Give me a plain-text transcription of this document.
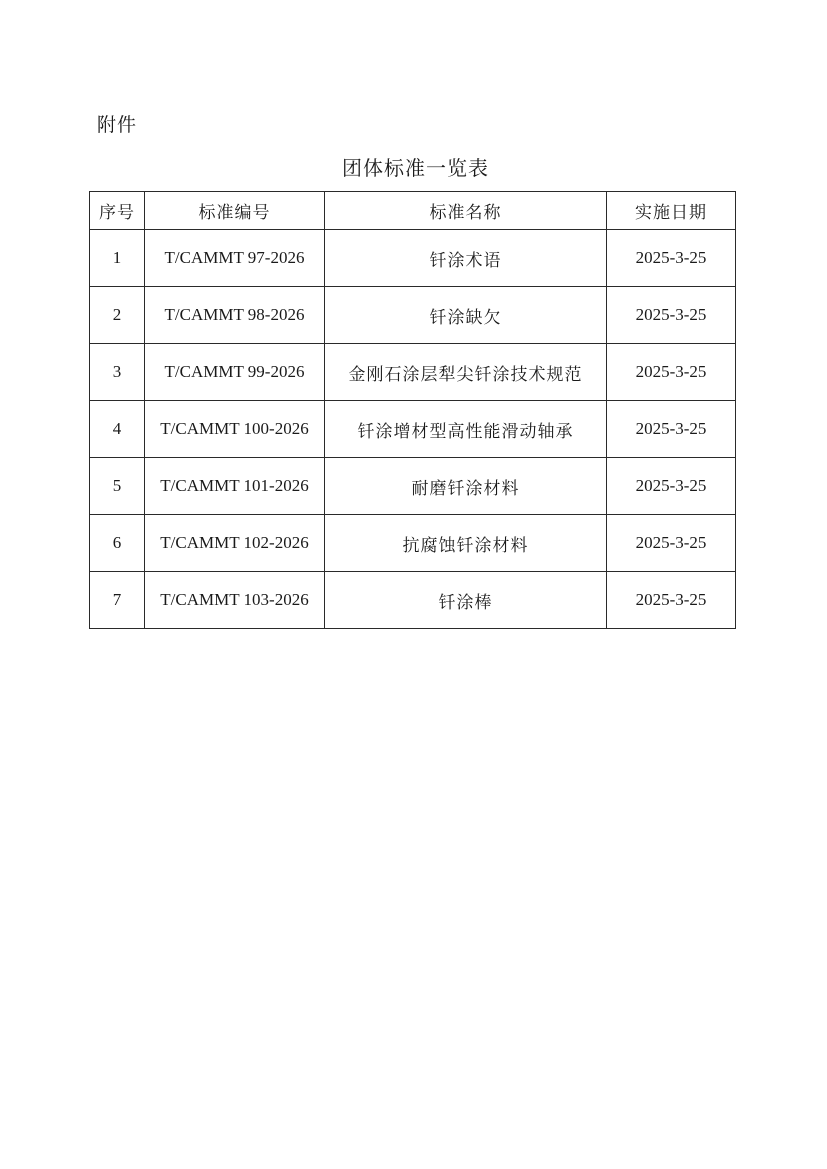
附件
团体标准一览表
序号	标准编号	标准名称	实施日期
1	T/CAMMT 97-2026	钎涂术语	2025-3-25
2	T/CAMMT 98-2026	钎涂缺欠	2025-3-25
3	T/CAMMT 99-2026	金刚石涂层犁尖钎涂技术规范	2025-3-25
4	T/CAMMT 100-2026	钎涂增材型高性能滑动轴承	2025-3-25
5	T/CAMMT 101-2026	耐磨钎涂材料	2025-3-25
6	T/CAMMT 102-2026	抗腐蚀钎涂材料	2025-3-25
7	T/CAMMT 103-2026	钎涂棒	2025-3-25
